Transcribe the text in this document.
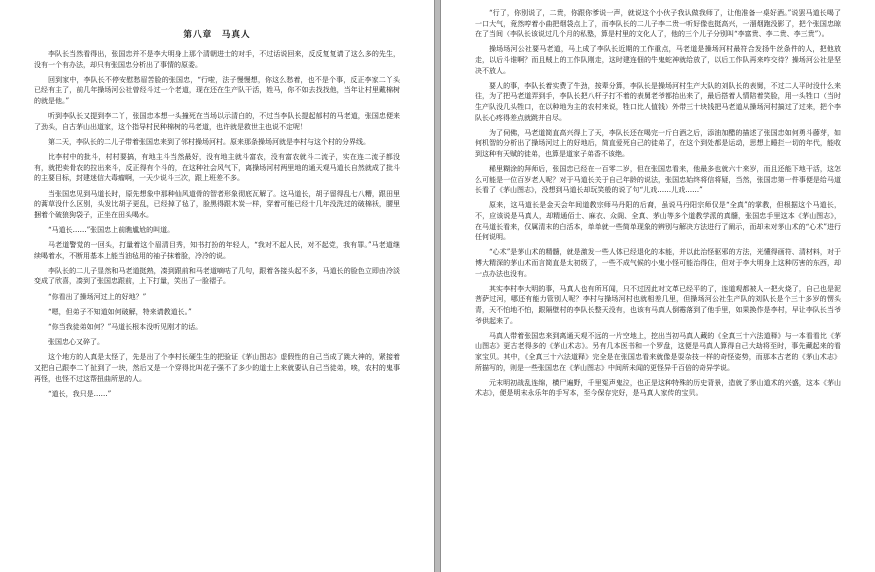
第八章　马真人

李队长当然看得出，张国忠并不是李大明身上那个清朝进士的对手，不过话说回来，反反复复请了这么多的先生，没有一个有办法，却只有张国忠分析出了事情的原委。

回到家中，李队长不停安慰愁眉苦脸的张国忠，“行啦，法子慢慢想，你这么愁着，也不是个事，反正李家二丫头已经有主了，前几年操场河公社曾经斗过一个老道，现在还在生产队干活，姓马，你不如去找找他，当年让村里戴棉树的就是他。”

听到李队长又提到李二丫，张国忠本想一头撞死在当场以示清白的，不过当李队长提起郁村的马老道，张国忠便来了劲头，自古茅山出道家，这个指导村民种棉树的马老道，也许就是救世主也说不定呢！

第二天，李队长的二儿子带着张国忠来到了邻村操场河村。原来那条操场河就是李村与这个村的分界线。

比李村中的批斗，村村要搞，有地主斗当然最好，没有地主就斗富农，没有富农就斗二流子，实在连二流子都没有，就把卖骨农的拉出来斗，反正得有个斗的，在这种社会风气下，离操场河村两里地的通天观马道长自然就成了批斗的主要目标，封建迷信大毒瘤啊，一天少说斗三次，跟上班差不多。

当张国忠见到马道长时，原先想象中那种仙风道骨的智者形象彻底瓦解了。这马道长，胡子留得乱七八糟，跟田里的蒿草没什么区别，头发比胡子更乱，已经掉了毡了，脸黑得跟木炭一样，穿着可能已经十几年没洗过的破棉袄，腰里捆着个破狼狗袋子，正坐在田头喝水。

“马道长……”张国忠上前瞧尴尬的叫道。

马老道警觉的一回头，打量着这个眉清目秀，知书打扮的年轻人，“我对不起人民，对不起党，我有罪。”马老道继续喝着水，不断用基本上能当油毡用的袖子抹着脸，冷冷的说。

李队长的二儿子显然和马老道挺熟，凑到跟前和马老道嘀咕了几句，跟着各接头起不多，马道长的脸色立即由冷淡变成了欣喜，凑到了张国忠跟前，上下打量，笑出了一脸褶子。

“你看出了操场河过上的好地？”

“嗯，但弟子不知道如何破解，特来请教道长。”

“你当我徒弟如何？”马道长根本没听见刚才的话。

张国忠心又碎了。

这个地方的人真是太怪了，先是出了个李村长硬生生的把验证《茅山图志》虚假性的自己当成了跳大神的，紧接着又把自己跟李二丫扯到了一块，然后又是一个穿得比叫花子强不了多少的道士上来就要认自己当徒弟，唉，农村的鬼事再怪，也怪不过这帮扭曲所思的人。

“道长，我只是……”

“行了，你别说了，二贵，你跟你爹说一声，就说这个小伙子我认做我师了，让他准备一桌好酒。”说罢马道长喝了一口大气，竟然哼着小曲把烟袋点上了，而李队长的二儿子李二贵一听好像也挺高兴，一溜烟跑没影了，把个张国忠晾在了当间（李队长该说过几个月的私塾，算是村里的文化人了，他的三个儿子分别叫“李富贵、李二贵、李三贵”）。

操场场河公社要马老道，马上成了李队长近期的工作重点，马老道是操场河村最符合发扬牛丝条件的人，把他放走，以后斗谁啊？而且贼上的工作队刚走，这时建连佃的牛鬼蛇神就给放了，以后工作队再来咋交待？操场河公社是坚决不放人。

要人的事，李队长着实费了牛劲，按辈分算，李队长是操场河村生产大队的刘队长的表舅，不过二人平时没什么来往，为了把马老道弄到手，李队长把八杆子打不着的表舅老爷都抬出来了，最后搭着人情陪着笑脸，用一头牲口（当时生产队没几头牲口，在以种地为主的农村来说，牲口比人值钱）外带三十块钱把马老道从操场河村搞过了过来，把个李队长心疼得差点就跳井自尽。

为了伺佛，马老道简直高兴得上了天，李队长还在喝完一斤白酒之后，添油加醋的描述了张国忠如何勇斗藤芽，如何机智的分析出了操场河过上的好地后，简直爱死自己的徒弟了，在这个到处都是运动，思想上睡拦一切的年代，能收到这种有天赋的徒弟，也算是道家子弟香不该绝。

稀里糊涂的拜师后，张国忠已经在一百零二岁，但在张国忠看来，他最多也就六十来岁，而且还能下地干活，这怎么可能是一位百岁老人呢？对于马道长关于自己年龄的说法，张国忠始终将信将疑，当然，张国忠第一件事便是给马道长看了《茅山图志》，没想到马道长却玩笑般的说了句“儿戏……儿戏……”

原来，这马道长是金天会年间道教宗师马丹阳的后裔，虽说马丹阳宗师仅是“全真”的掌教，但根据这个马道长，不，应该说是马真人，却精通佰士、麻衣、众阁、全真、茅山等多个道教学派的真髓，张国忠手里这本《茅山图志》，在马道长看来，仅属清末的白活本，单单就一些简单现象的辨别与解决方法进行了阐示，而却未对茅山术的“心术”进行任何说明。

“心术”是茅山术的精髓，就是激发一些人体已经退化的本能，并以此治怪驱邪的方法，光懂得画符、清材料，对于博大精深的茅山术而言简直是太初级了，一些不成气候的小鬼小怪可能治得住，但对于李大明身上这种厉害的东西，却一点办法也没有。

其实李村李大明的事，马真人也有所耳闻，只不过因此对文革已经平的了，连道观都被人一把火烧了，自己也是泥菩萨过河，哪还有能力管别人呢？李村与操场河村也就相差几里，但操场河公社生产队的刘队长是个三十多岁的愣头青，天不怕地不怕，跟隔壁村的李队长整天没有，也该有马真人倒霉落到了他手里，如果换作是李村，早让李队长当爷爷供起来了。

马真人带着张国忠来到离通天观不远的一片空地上，挖出当初马真人藏的《全真三十六法道释》与一本看看比《茅山图志》更古老得多的《茅山术志》。另有几本医书和一个罗盘，这便是马真人算得自己大劫将至时，事先藏起来的看家宝贝。其中，《全真三十六法道释》完全是在张国忠看来就像是耍杂技一样的奇怪姿势，而那本古老的《茅山术志》所描写的，则是一些张国忠在《茅山图志》中间所未闻的更怪异千百倍的奇异学说。

元末明初战乱连绵，横尸遍野，千里冤声鬼泣，也正是这种特殊的历史背景，造就了茅山道术的兴盛，这本《茅山术志》，便是明末永乐年的手写本，至今保存完好，是马真人家传的宝贝。
